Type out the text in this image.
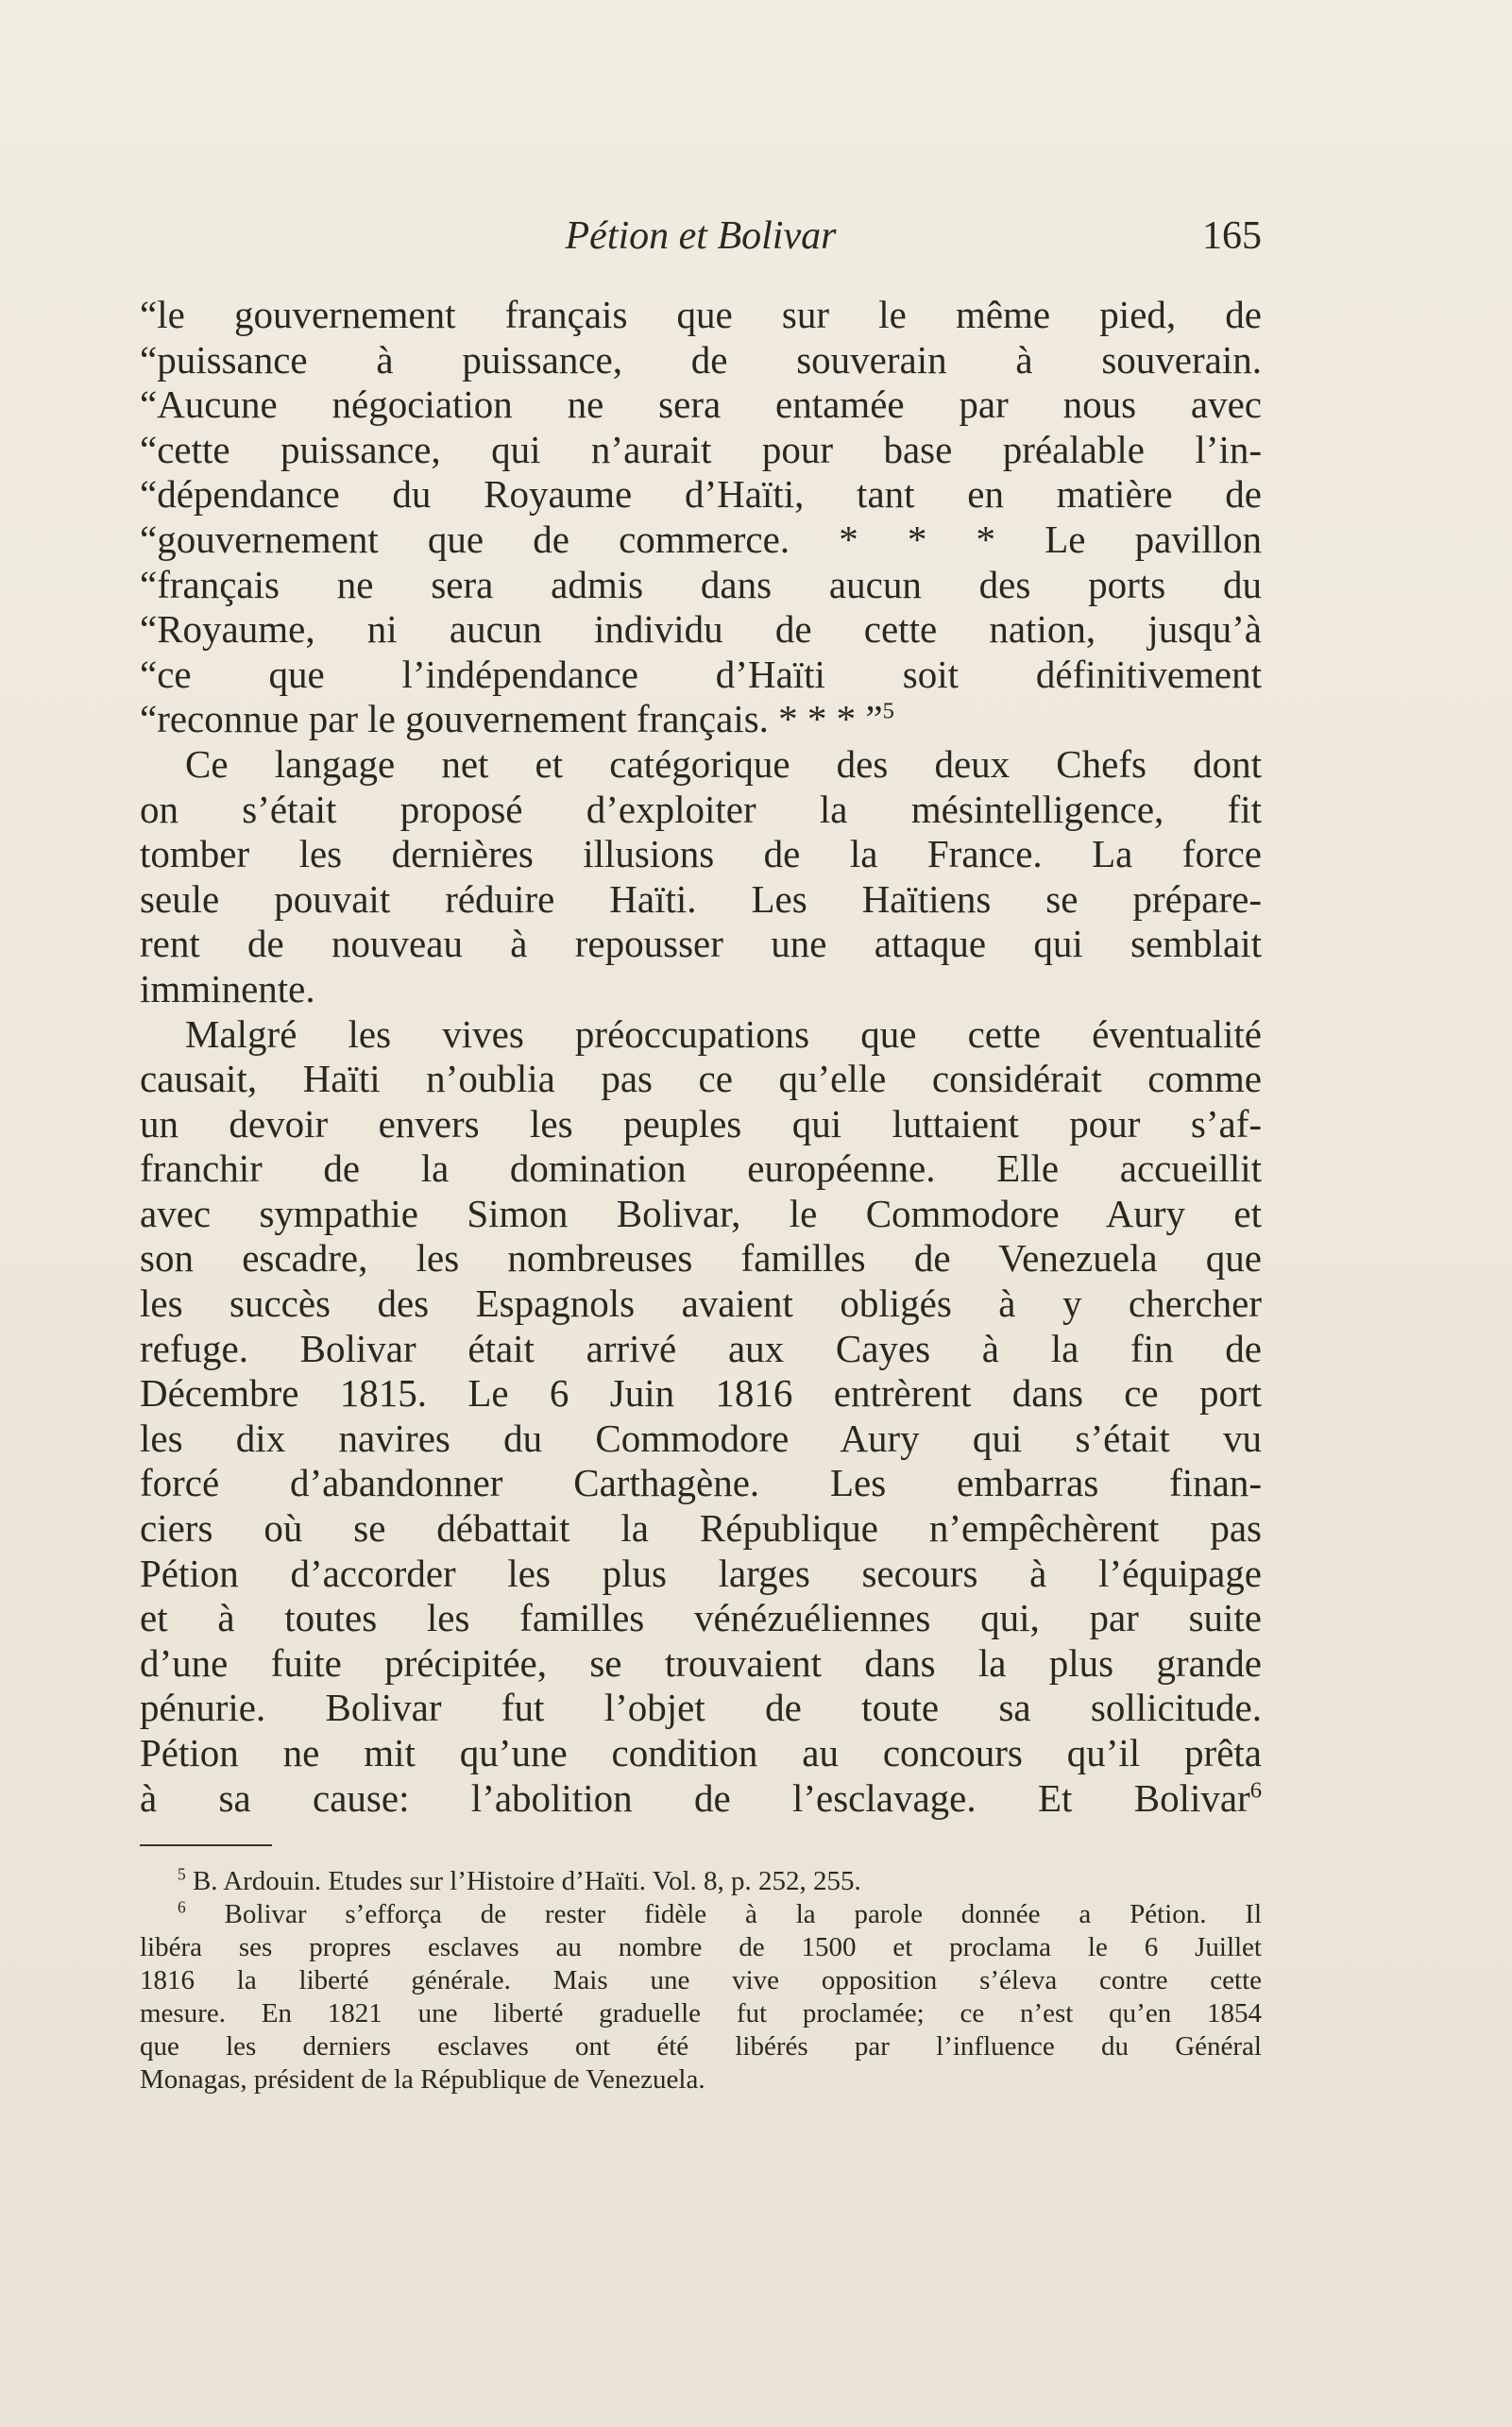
Pétion et Bolivar	165
“le gouvernement français que sur le même pied, de
“puissance à puissance, de souverain à souverain.
“Aucune négociation ne sera entamée par nous avec
“cette puissance, qui n’aurait pour base préalable l’in-
“dépendance du Royaume d’Haïti, tant en matière de
“gouvernement que de commerce. * * * Le pavillon
“français ne sera admis dans aucun des ports du
“Royaume, ni aucun individu de cette nation, jusqu’à
“ce que l’indépendance d’Haïti soit définitivement
“reconnue par le gouvernement français. * * * ”$^5$
Ce langage net et catégorique des deux Chefs dont
on s’était proposé d’exploiter la mésintelligence, fit
tomber les dernières illusions de la France. La force
seule pouvait réduire Haïti. Les Haïtiens se prépare-
rent de nouveau à repousser une attaque qui semblait
imminente.
Malgré les vives préoccupations que cette éventualité
causait, Haïti n’oublia pas ce qu’elle considérait comme
un devoir envers les peuples qui luttaient pour s’af-
franchir de la domination européenne. Elle accueillit
avec sympathie Simon Bolivar, le Commodore Aury et
son escadre, les nombreuses familles de Venezuela que
les succès des Espagnols avaient obligés à y chercher
refuge. Bolivar était arrivé aux Cayes à la fin de
Décembre 1815. Le 6 Juin 1816 entrèrent dans ce port
les dix navires du Commodore Aury qui s’était vu
forcé d’abandonner Carthagène. Les embarras finan-
ciers où se débattait la République n’empêchèrent pas
Pétion d’accorder les plus larges secours à l’équipage
et à toutes les familles vénézuéliennes qui, par suite
d’une fuite précipitée, se trouvaient dans la plus grande
pénurie. Bolivar fut l’objet de toute sa sollicitude.
Pétion ne mit qu’une condition au concours qu’il prêta
à sa cause: l’abolition de l’esclavage. Et Bolivar$^6$
$^5$ B. Ardouin. Etudes sur l’Histoire d’Haïti. Vol. 8, p. 252, 255.
$^6$ Bolivar s’efforça de rester fidèle à la parole donnée a Pétion. Il
libéra ses propres esclaves au nombre de 1500 et proclama le 6 Juillet
1816 la liberté générale. Mais une vive opposition s’éleva contre cette
mesure. En 1821 une liberté graduelle fut proclamée; ce n’est qu’en 1854
que les derniers esclaves ont été libérés par l’influence du Général
Monagas, président de la République de Venezuela.
